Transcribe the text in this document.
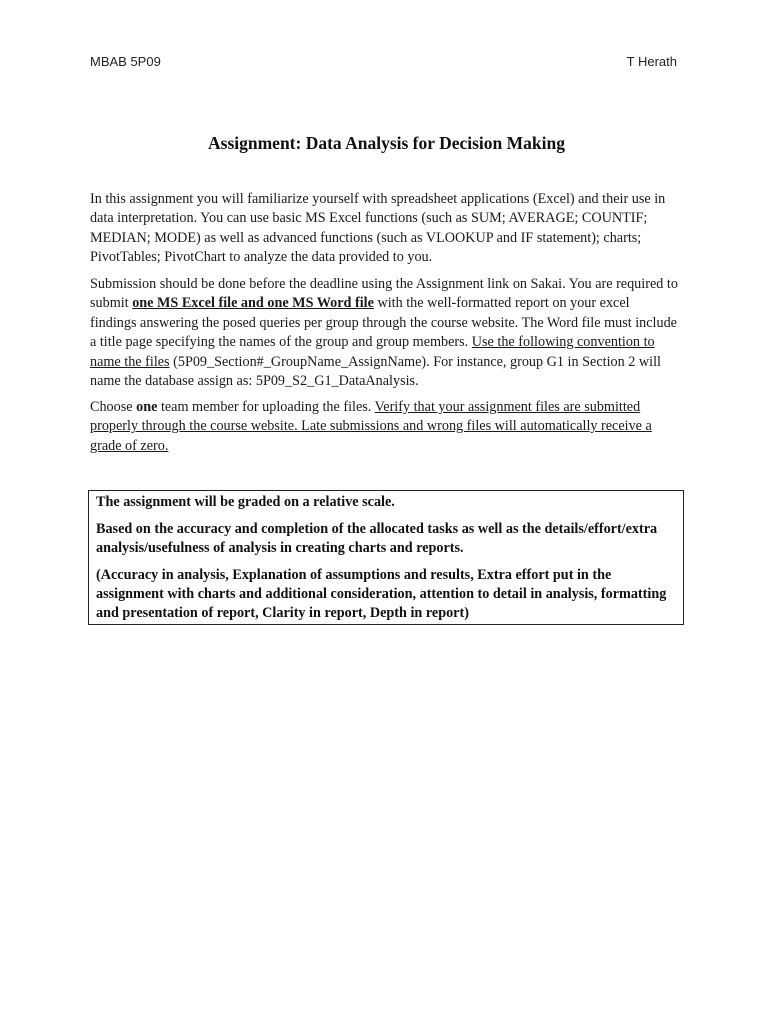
MBAB 5P09	T Herath
Assignment: Data Analysis for Decision Making

In this assignment you will familiarize yourself with spreadsheet applications (Excel) and their use in data interpretation. You can use basic MS Excel functions (such as SUM; AVERAGE; COUNTIF; MEDIAN; MODE) as well as advanced functions (such as VLOOKUP and IF statement); charts; PivotTables; PivotChart to analyze the data provided to you.

Submission should be done before the deadline using the Assignment link on Sakai. You are required to submit one MS Excel file and one MS Word file with the well-formatted report on your excel findings answering the posed queries per group through the course website. The Word file must include a title page specifying the names of the group and group members. Use the following convention to name the files (5P09_Section#_GroupName_AssignName). For instance, group G1 in Section 2 will name the database assign as: 5P09_S2_G1_DataAnalysis.

Choose one team member for uploading the files. Verify that your assignment files are submitted properly through the course website. Late submissions and wrong files will automatically receive a grade of zero.

The assignment will be graded on a relative scale.

Based on the accuracy and completion of the allocated tasks as well as the details/effort/extra analysis/usefulness of analysis in creating charts and reports.

(Accuracy in analysis, Explanation of assumptions and results, Extra effort put in the assignment with charts and additional consideration, attention to detail in analysis, formatting and presentation of report, Clarity in report, Depth in report)
